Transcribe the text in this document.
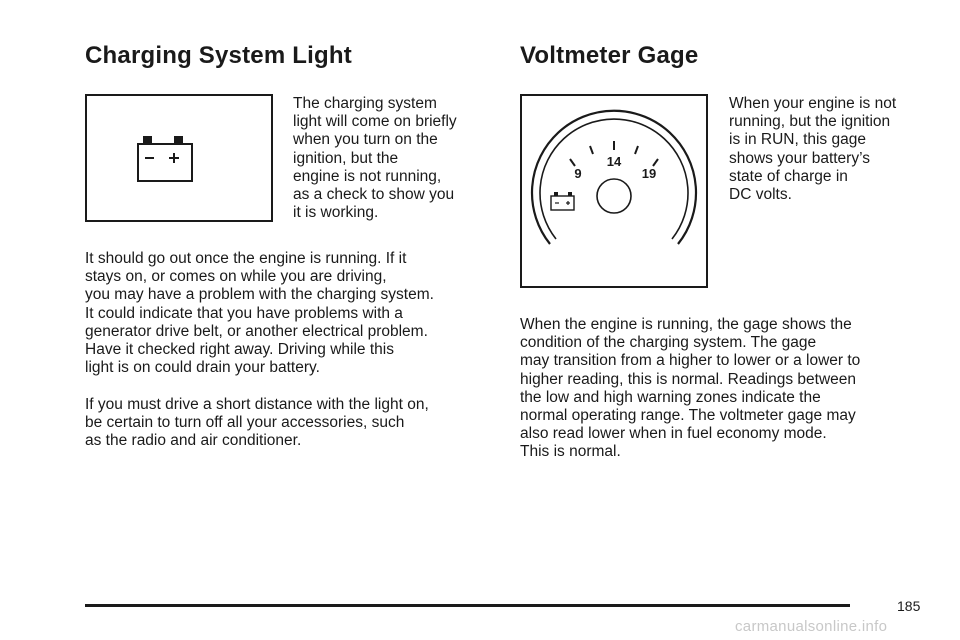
Charging System Light

The charging system
light will come on briefly
when you turn on the
ignition, but the
engine is not running,
as a check to show you
it is working.

It should go out once the engine is running. If it
stays on, or comes on while you are driving,
you may have a problem with the charging system.
It could indicate that you have problems with a
generator drive belt, or another electrical problem.
Have it checked right away. Driving while this
light is on could drain your battery.

If you must drive a short distance with the light on,
be certain to turn off all your accessories, such
as the radio and air conditioner.

Voltmeter Gage
9
14
19

When your engine is not
running, but the ignition
is in RUN, this gage
shows your battery’s
state of charge in
DC volts.

When the engine is running, the gage shows the
condition of the charging system. The gage
may transition from a higher to lower or a lower to
higher reading, this is normal. Readings between
the low and high warning zones indicate the
normal operating range. The voltmeter gage may
also read lower when in fuel economy mode.
This is normal.

185
carmanualsonline.info
